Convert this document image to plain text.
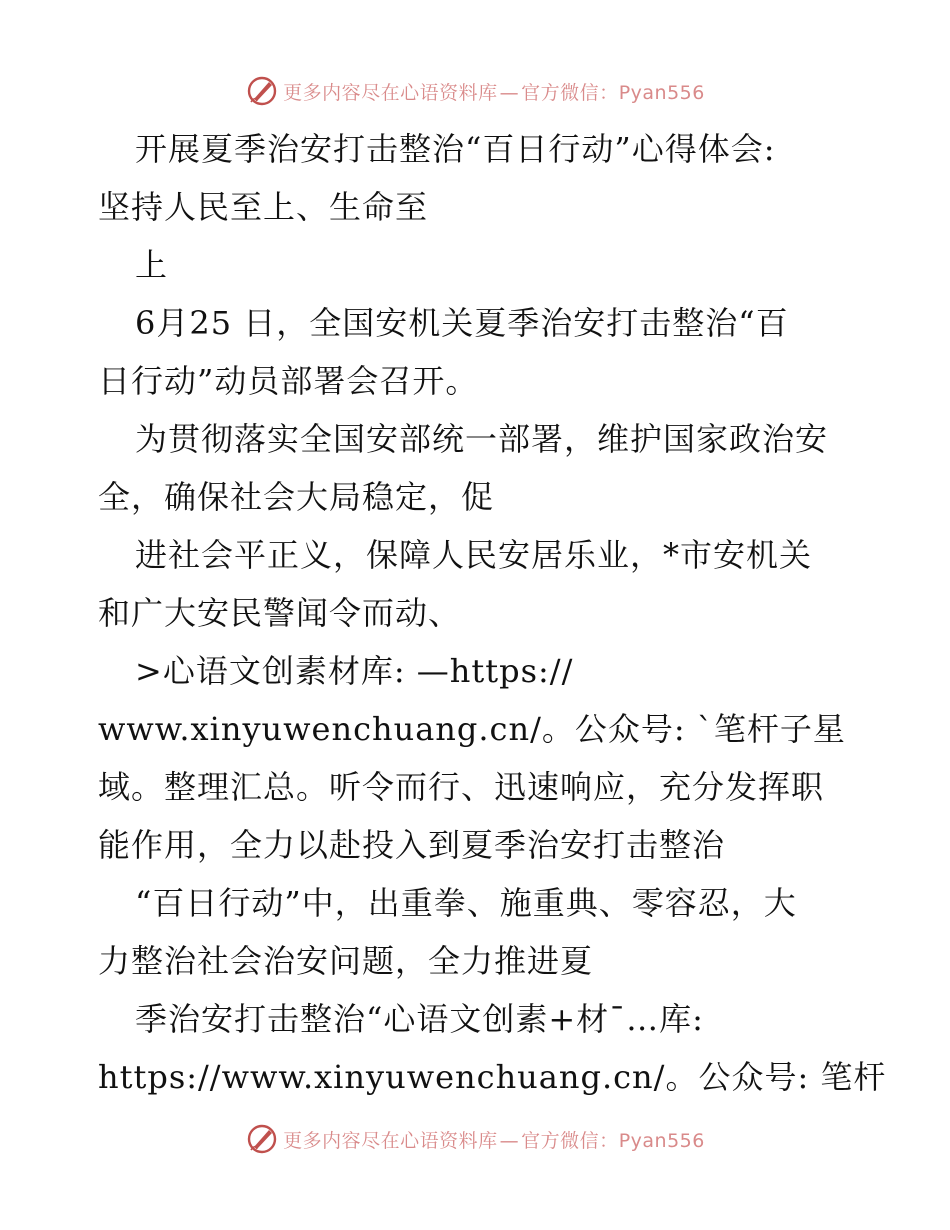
更多内容尽在心语资料库 — 官方微信：Pyan556
开展夏季治安打击整治“百日行动”心得体会:
坚持人民至上、生命至
上
6月25 日，全国安机关夏季治安打击整治“百
日行动”动员部署会召开。
为贯彻落实全国安部统一部署，维护国家政治安
全，确保社会大局稳定，促
进社会平正义，保障人民安居乐业，*市安机关
和广大安民警闻令而动、
>心语文创素材库: —https://
www.xinyuwenchuang.cn/。公众号: `笔杆子星
域。整理汇总。听令而行、迅速响应，充分发挥职
能作用，全力以赴投入到夏季治安打击整治
“百日行动”中，出重拳、施重典、零容忍，大
力整治社会治安问题，全力推进夏
季治安打击整治“心语文创素+材¯…库:
https://www.xinyuwenchuang.cn/。公众号: 笔杆
更多内容尽在心语资料库 — 官方微信：Pyan556
